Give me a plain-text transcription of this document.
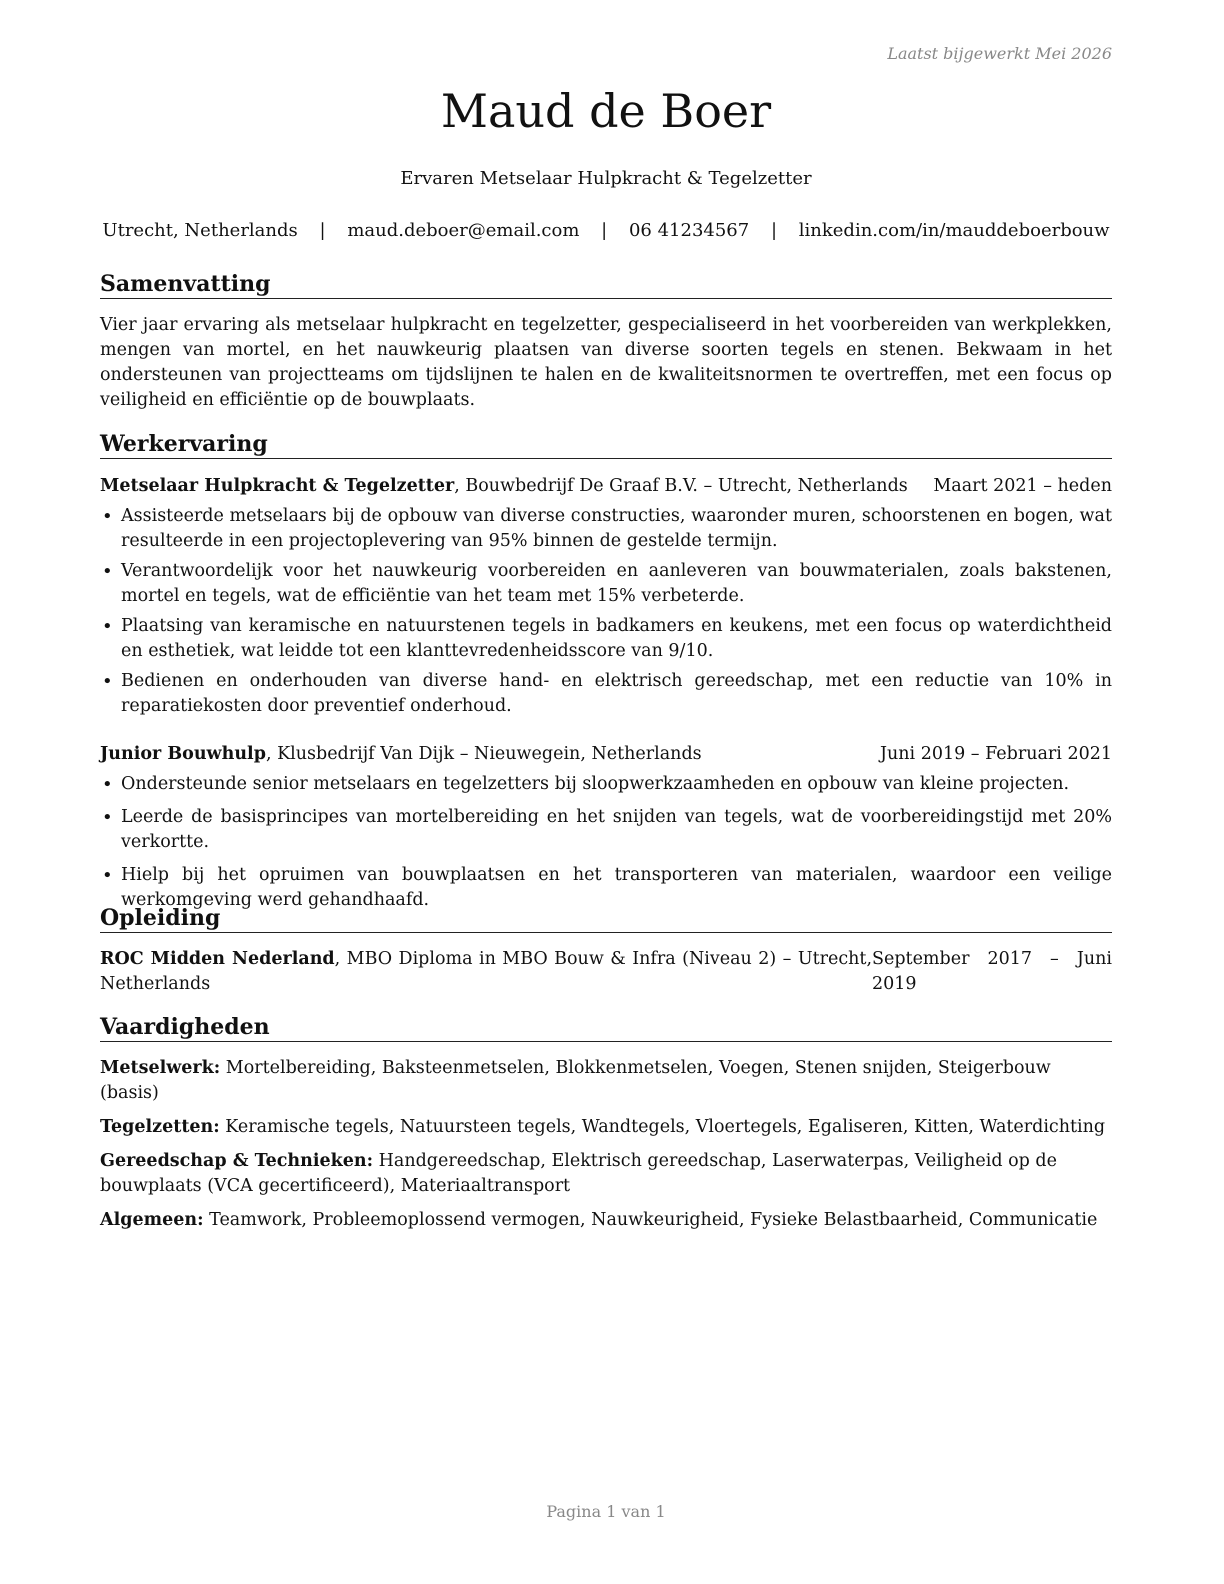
Laatst bijgewerkt Mei 2026
Maud de Boer
Ervaren Metselaar Hulpkracht & Tegelzetter
Utrecht, Netherlands | maud.deboer@email.com | 06 41234567 | linkedin.com/in/mauddeboerbouw
Samenvatting

Vier jaar ervaring als metselaar hulpkracht en tegelzetter, gespecialiseerd in het voorbereiden van werkplekken, mengen van mortel, en het nauwkeurig plaatsen van diverse soorten tegels en stenen. Bekwaam in het ondersteunen van projectteams om tijdslijnen te halen en de kwaliteitsnormen te overtreffen, met een focus op veiligheid en efficiëntie op de bouwplaats.

Werkervaring
Metselaar Hulpkracht & Tegelzetter, Bouwbedrijf De Graaf B.V. – Utrecht, Netherlands Maart 2021 – heden
• Assisteerde metselaars bij de opbouw van diverse constructies, waaronder muren, schoorstenen en bogen, wat resulteerde in een projectoplevering van 95% binnen de gestelde termijn.
• Verantwoordelijk voor het nauwkeurig voorbereiden en aanleveren van bouwmaterialen, zoals bakstenen, mortel en tegels, wat de efficiëntie van het team met 15% verbeterde.
• Plaatsing van keramische en natuurstenen tegels in badkamers en keukens, met een focus op waterdichtheid en esthetiek, wat leidde tot een klanttevredenheidsscore van 9/10.
• Bedienen en onderhouden van diverse hand- en elektrisch gereedschap, met een reductie van 10% in reparatiekosten door preventief onderhoud.
Junior Bouwhulp, Klusbedrijf Van Dijk – Nieuwegein, Netherlands	Juni 2019 – Februari 2021
• Ondersteunde senior metselaars en tegelzetters bij sloopwerkzaamheden en opbouw van kleine projecten.
• Leerde de basisprincipes van mortelbereiding en het snijden van tegels, wat de voorbereidingstijd met 20% verkortte.
• Hielp bij het opruimen van bouwplaatsen en het transporteren van materialen, waardoor een veilige werkomgeving werd gehandhaafd.
Opleiding
ROC Midden Nederland, MBO Diploma in MBO Bouw & Infra (Niveau 2) – Utrecht, Netherlands
September 2017 – Juni 2019
Vaardigheden
Metselwerk: Mortelbereiding, Baksteenmetselen, Blokkenmetselen, Voegen, Stenen snijden, Steigerbouw (basis)
Tegelzetten: Keramische tegels, Natuursteen tegels, Wandtegels, Vloertegels, Egaliseren, Kitten, Waterdichting
Gereedschap & Technieken: Handgereedschap, Elektrisch gereedschap, Laserwaterpas, Veiligheid op de bouwplaats (VCA gecertificeerd), Materiaaltransport
Algemeen: Teamwork, Probleemoplossend vermogen, Nauwkeurigheid, Fysieke Belastbaarheid, Communicatie
Pagina 1 van 1
